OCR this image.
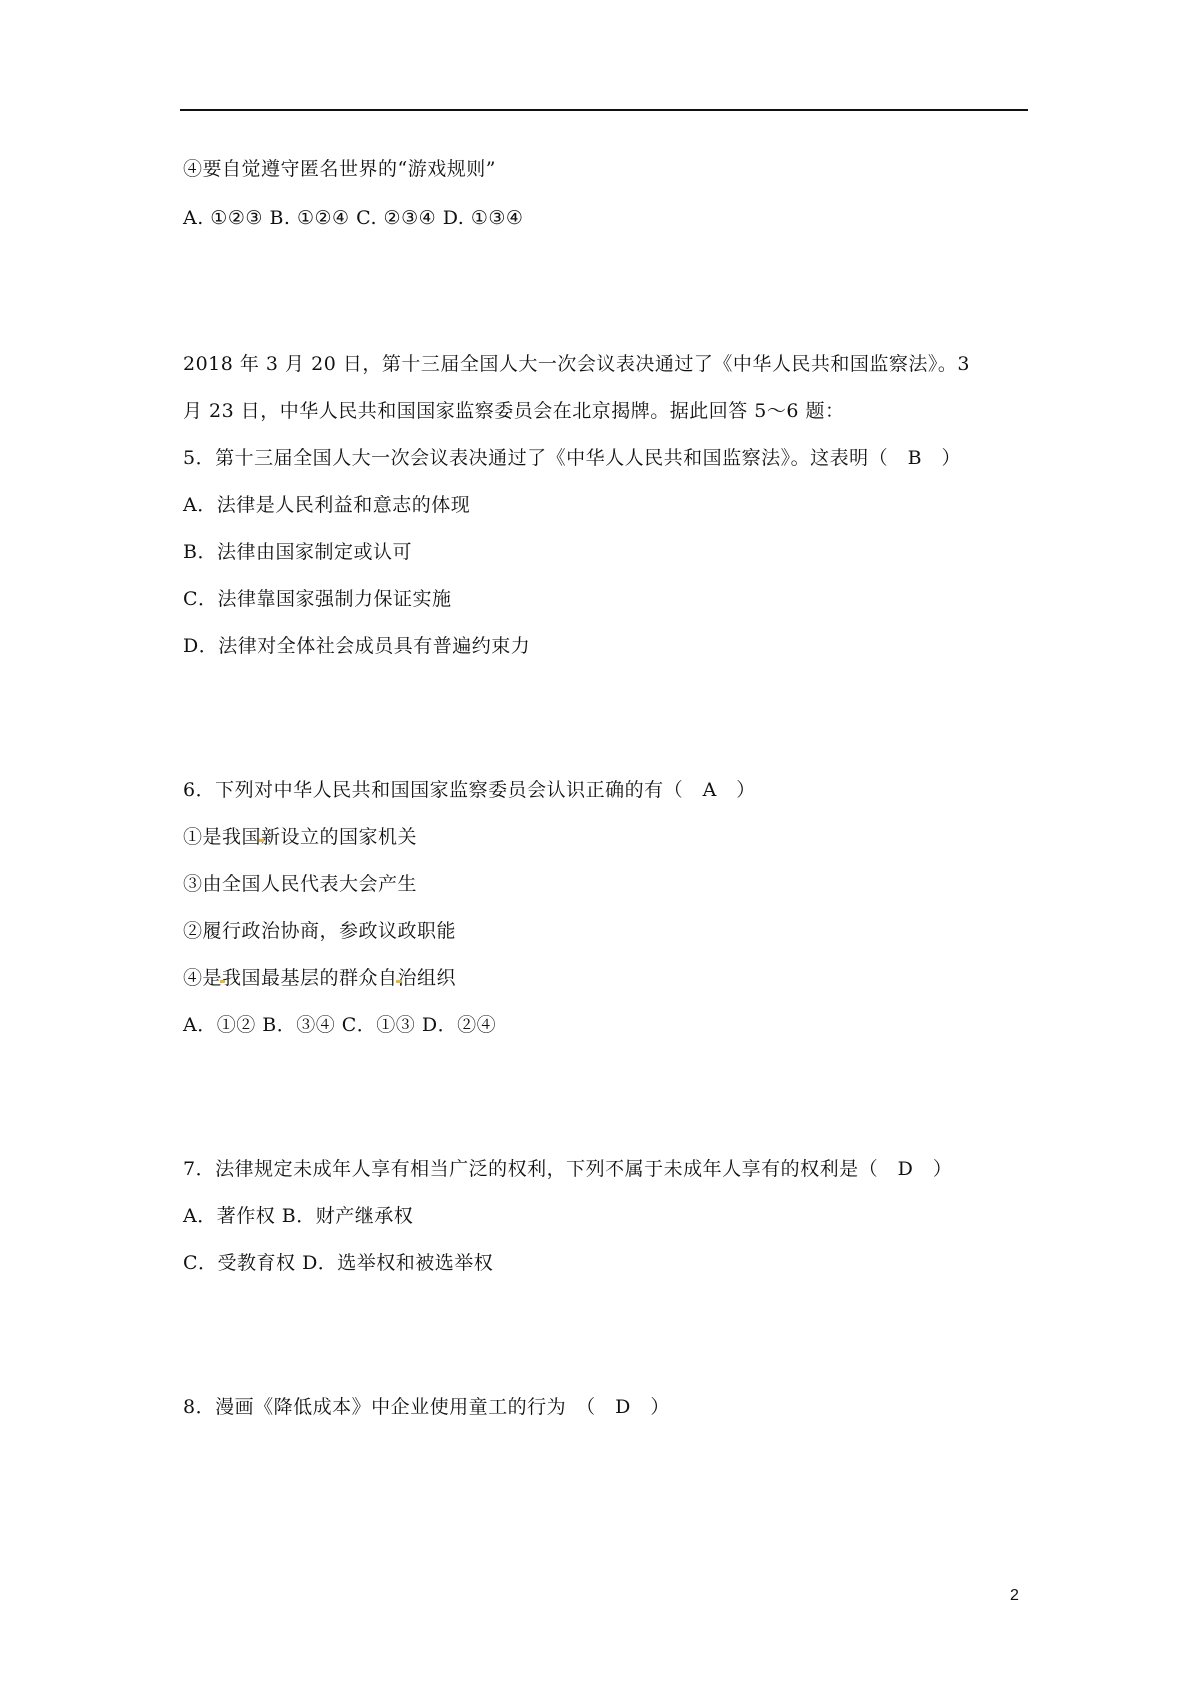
④要自觉遵守匿名世界的“游戏规则”
A. ①②③ B. ①②④ C. ②③④ D. ①③④
2018 年 3 月 20 日，第十三届全国人大一次会议表决通过了《中华人民共和国监察法》。3
月 23 日，中华人民共和国国家监察委员会在北京揭牌。据此回答 5～6 题：
5．第十三届全国人大一次会议表决通过了《中华人人民共和国监察法》。这表明（　B　）
A．法律是人民利益和意志的体现
B．法律由国家制定或认可
C．法律靠国家强制力保证实施
D．法律对全体社会成员具有普遍约束力
6．下列对中华人民共和国国家监察委员会认识正确的有（　A　）
①是我国新设立的国家机关
③由全国人民代表大会产生
②履行政治协商，参政议政职能
④是我国最基层的群众自治组织
A．①② B．③④ C．①③ D．②④
7．法律规定未成年人享有相当广泛的权利，下列不属于未成年人享有的权利是（　D　）
A．著作权 B．财产继承权
C．受教育权 D．选举权和被选举权
8．漫画《降低成本》中企业使用童工的行为　（　D　）
2
